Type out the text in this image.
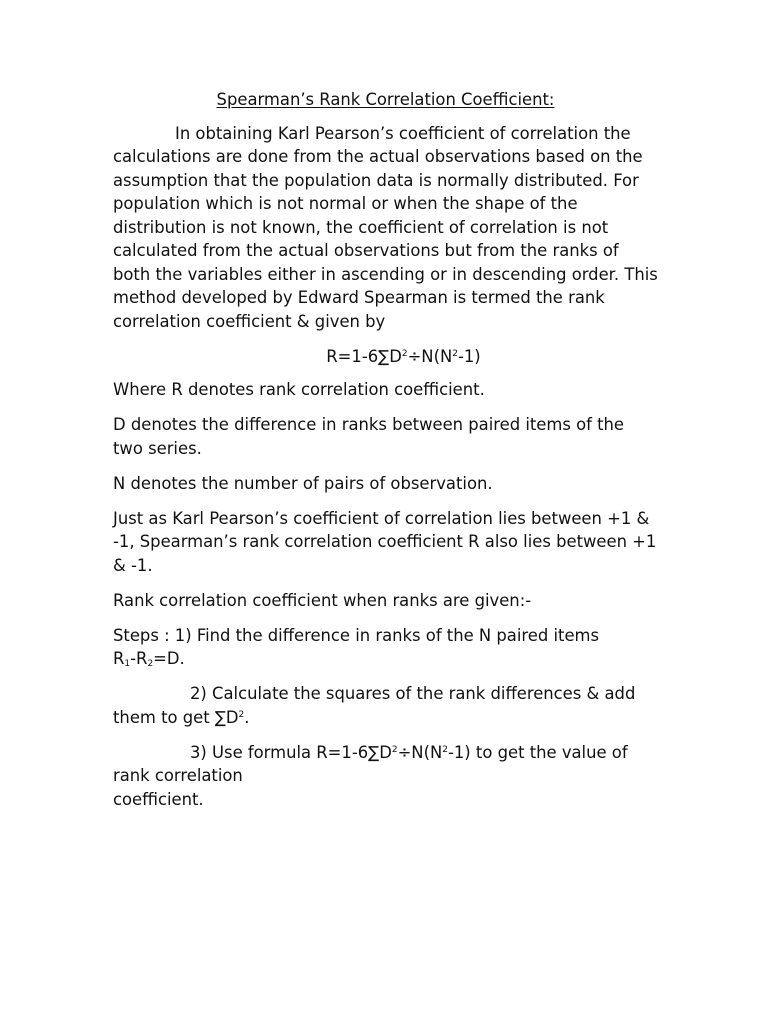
Spearman’s Rank Correlation Coefficient:
In obtaining Karl Pearson’s coefficient of correlation the calculations are done from the actual observations based on the assumption that the population data is normally distributed. For population which is not normal or when the shape of the distribution is not known, the coefficient of correlation is not calculated from the actual observations but from the ranks of both the variables either in ascending or in descending order. This method developed by Edward Spearman is termed the rank correlation coefficient & given by
$R=1-6\sum D^2\div N(N^2-1)$
Where R denotes rank correlation coefficient.
D denotes the difference in ranks between paired items of the two series.
N denotes the number of pairs of observation.
Just as Karl Pearson’s coefficient of correlation lies between +1 & -1, Spearman’s rank correlation coefficient R also lies between +1 & -1.
Rank correlation coefficient when ranks are given:-
Steps : 1) Find the difference in ranks of the N paired items
$R_1-R_2=D$.
2) Calculate the squares of the rank differences & add them to get $\sum D^2$.
3) Use formula $R=1-6\sum D^2\div N(N^2-1)$ to get the value of rank correlation
coefficient.
